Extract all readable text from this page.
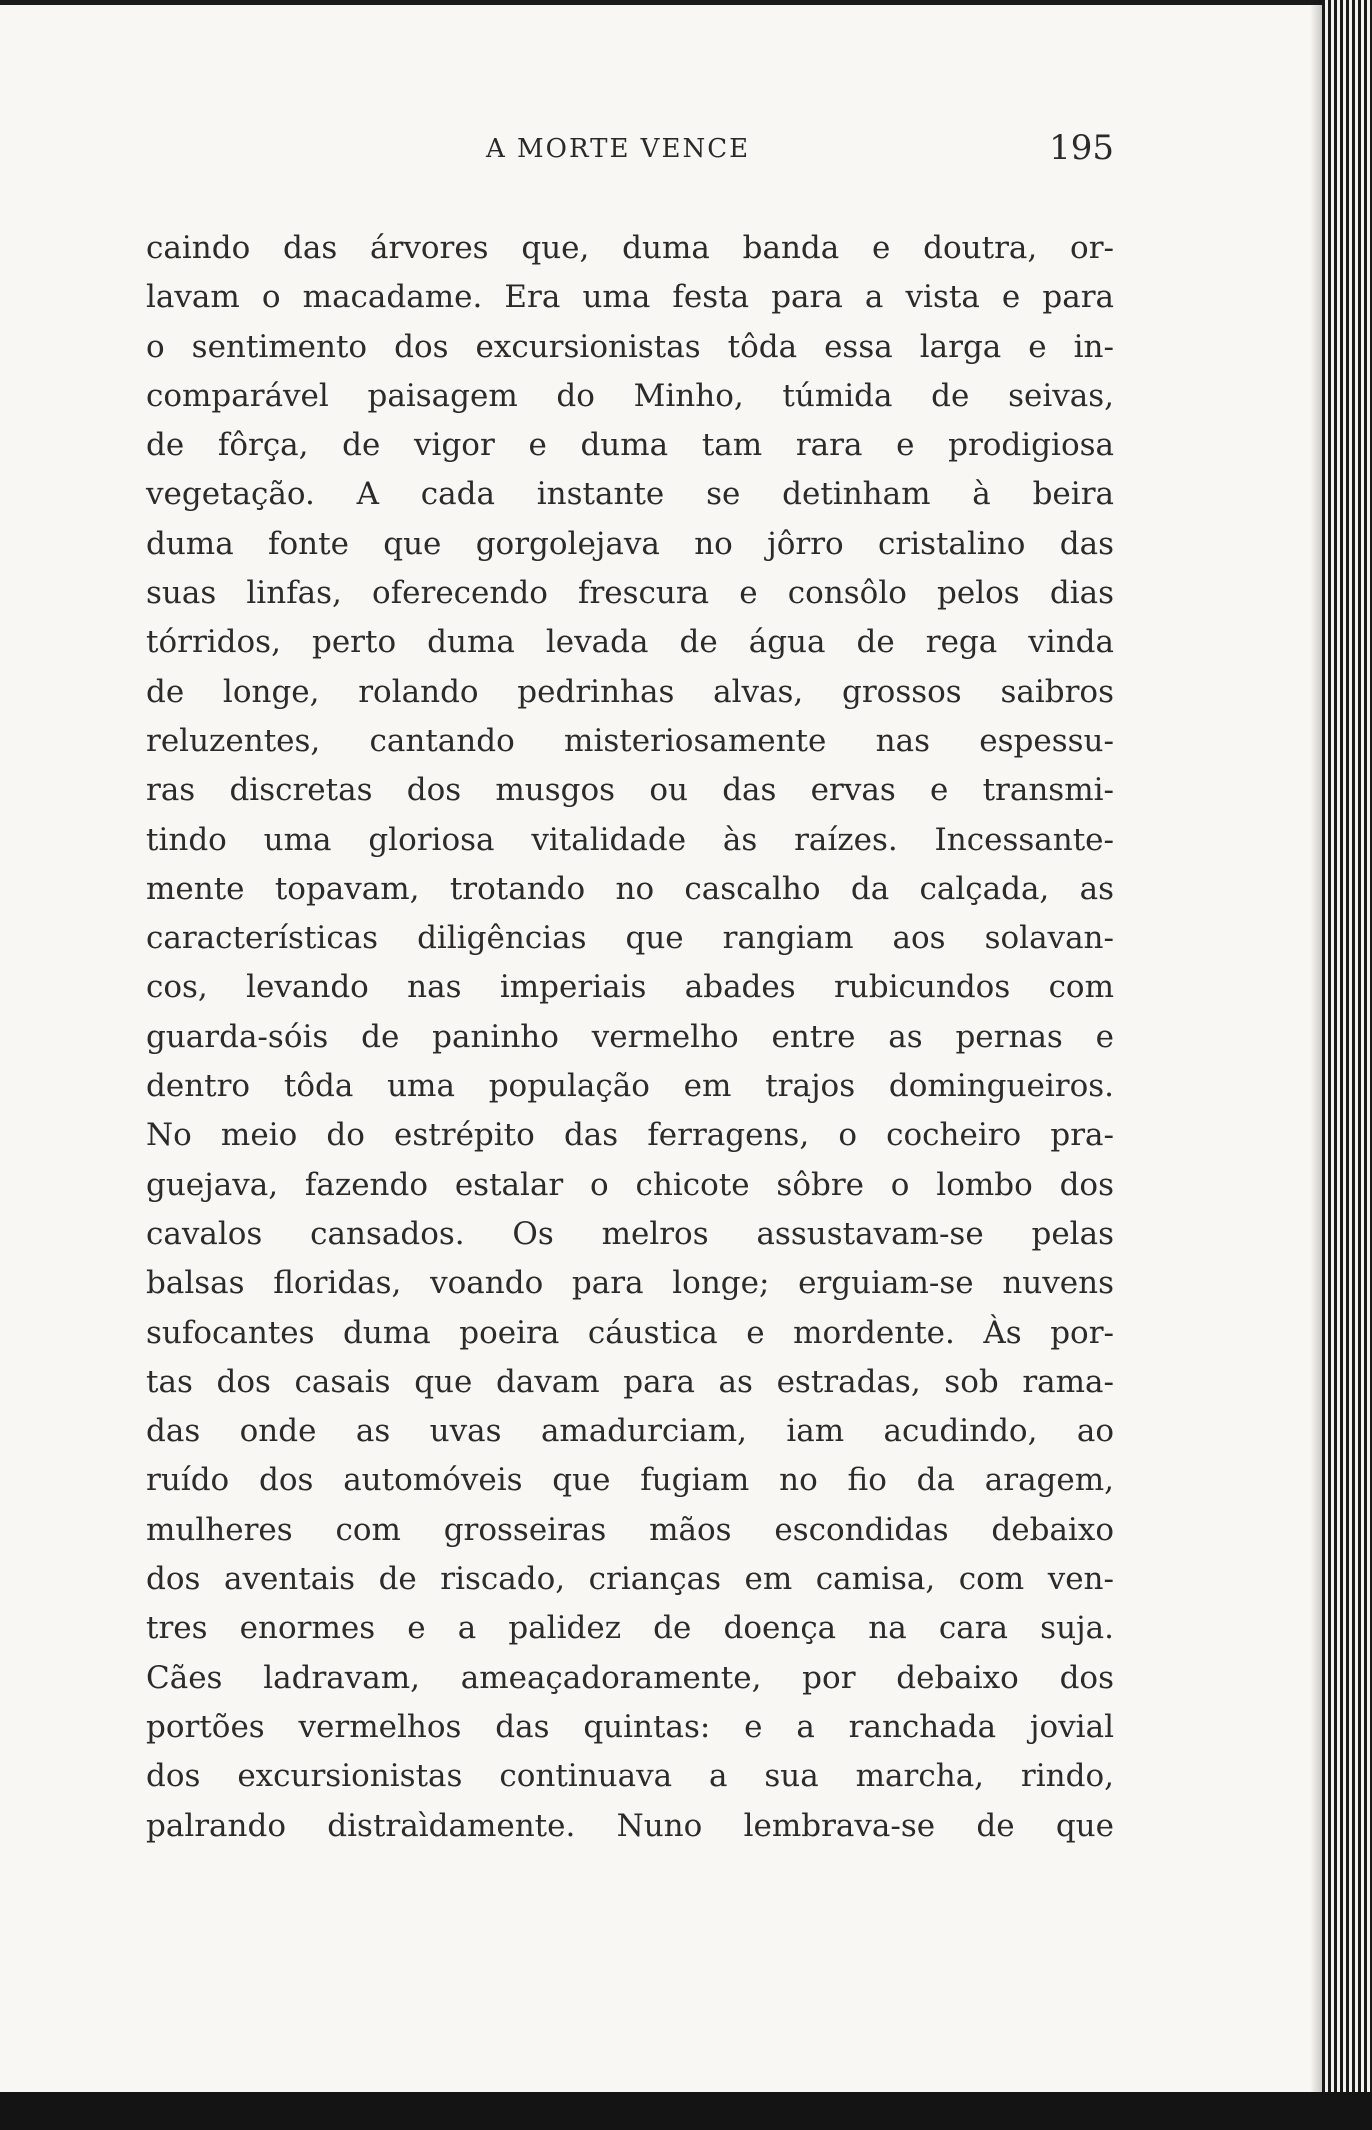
A MORTE VENCE	195
caindo das árvores que, duma banda e doutra, or-
lavam o macadame. Era uma festa para a vista e para
o sentimento dos excursionistas tôda essa larga e in-
comparável paisagem do Minho, túmida de seivas,
de fôrça, de vigor e duma tam rara e prodigiosa
vegetação. A cada instante se detinham à beira
duma fonte que gorgolejava no jôrro cristalino das
suas linfas, oferecendo frescura e consôlo pelos dias
tórridos, perto duma levada de água de rega vinda
de longe, rolando pedrinhas alvas, grossos saibros
reluzentes, cantando misteriosamente nas espessu-
ras discretas dos musgos ou das ervas e transmi-
tindo uma gloriosa vitalidade às raízes. Incessante-
mente topavam, trotando no cascalho da calçada, as
características diligências que rangiam aos solavan-
cos, levando nas imperiais abades rubicundos com
guarda-sóis de paninho vermelho entre as pernas e
dentro tôda uma população em trajos domingueiros.
No meio do estrépito das ferragens, o cocheiro pra-
guejava, fazendo estalar o chicote sôbre o lombo dos
cavalos cansados. Os melros assustavam-se pelas
balsas floridas, voando para longe; erguiam-se nuvens
sufocantes duma poeira cáustica e mordente. Às por-
tas dos casais que davam para as estradas, sob rama-
das onde as uvas amadurciam, iam acudindo, ao
ruído dos automóveis que fugiam no fio da aragem,
mulheres com grosseiras mãos escondidas debaixo
dos aventais de riscado, crianças em camisa, com ven-
tres enormes e a palidez de doença na cara suja.
Cães ladravam, ameaçadoramente, por debaixo dos
portões vermelhos das quintas: e a ranchada jovial
dos excursionistas continuava a sua marcha, rindo,
palrando distraìdamente. Nuno lembrava-se de que
